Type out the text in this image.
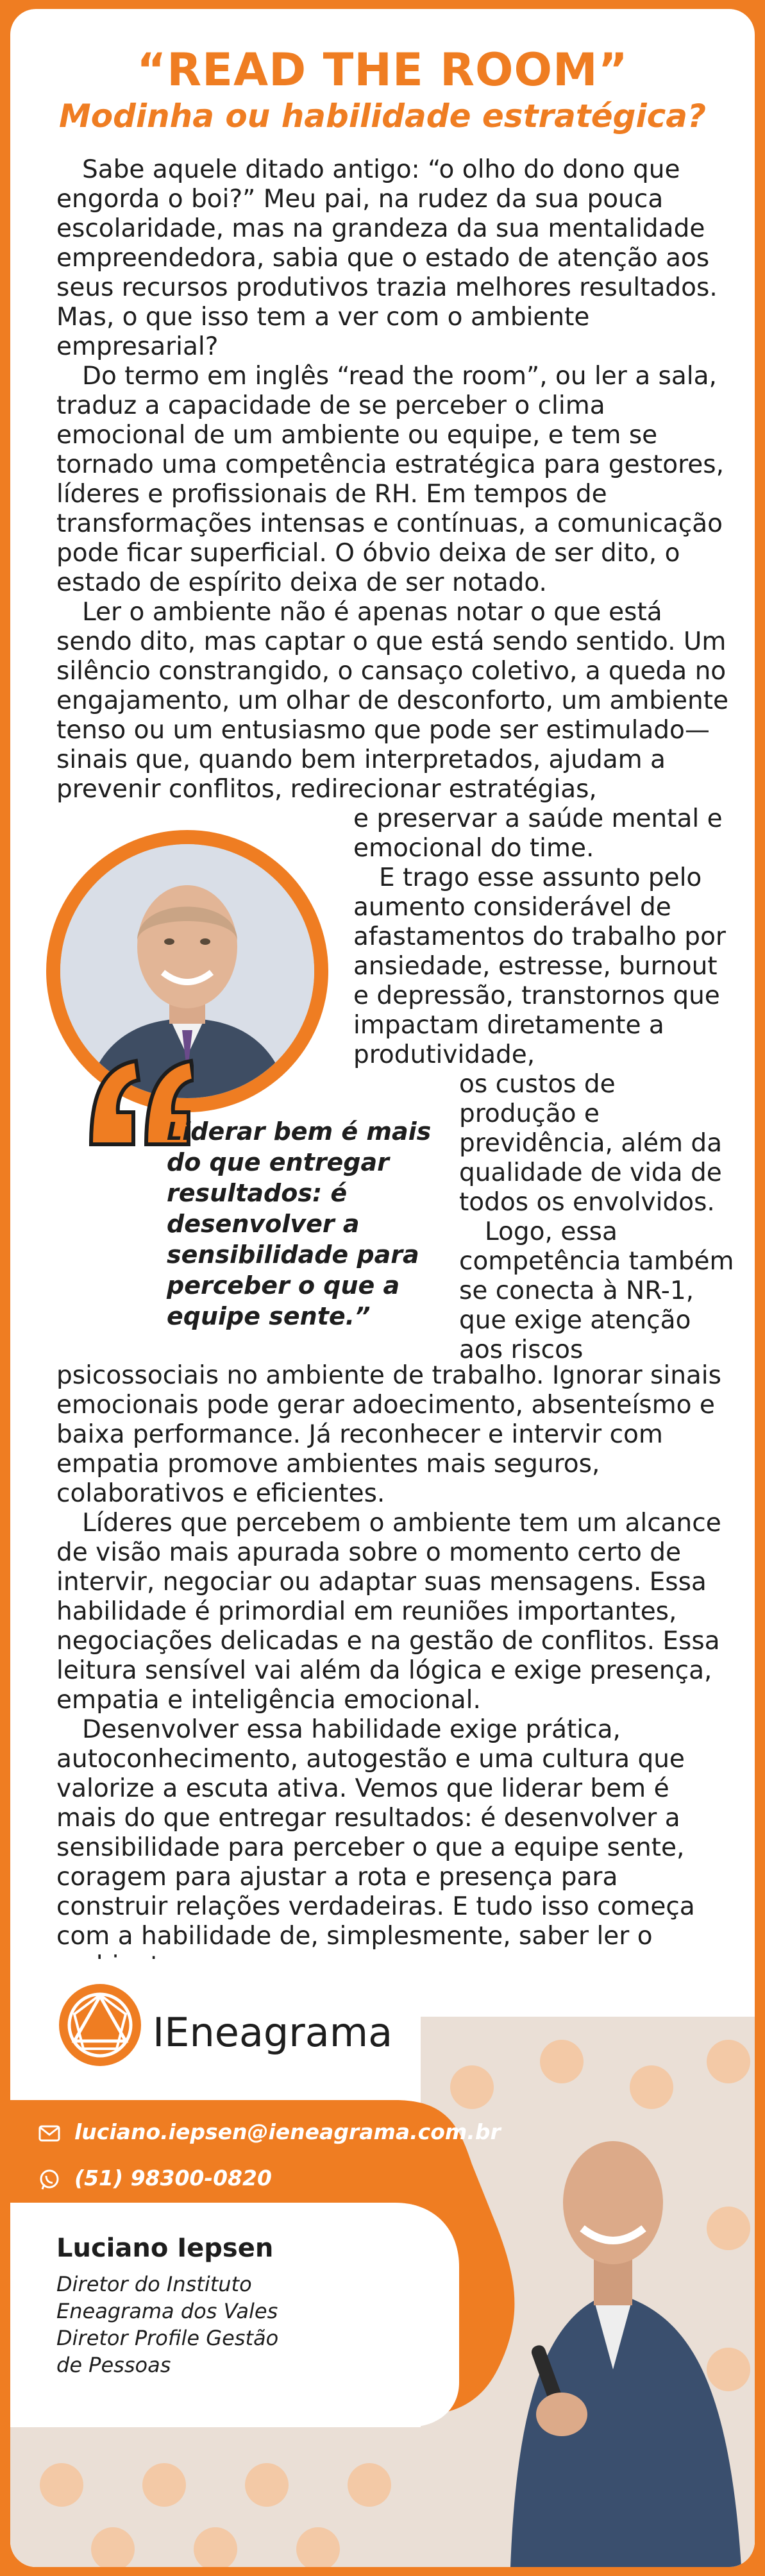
“READ THE ROOM”
Modinha ou habilidade estratégica?

Sabe aquele ditado antigo: “o olho do dono que engorda o boi?” Meu pai, na rudez da sua pouca escolaridade, mas na grandeza da sua mentalidade empreendedora, sabia que o estado de atenção aos seus recursos produtivos trazia melhores resultados. Mas, o que isso tem a ver com o ambiente empresarial?

Do termo em inglês “read the room”, ou ler a sala, traduz a capacidade de se perceber o clima emocional de um ambiente ou equipe, e tem se tornado uma competência estratégica para gestores, líderes e profissionais de RH. Em tempos de transformações intensas e contínuas, a comunicação pode ficar superficial. O óbvio deixa de ser dito, o estado de espírito deixa de ser notado.

Ler o ambiente não é apenas notar o que está sendo dito, mas captar o que está sendo sentido. Um silêncio constrangido, o cansaço coletivo, a queda no engajamento, um olhar de desconforto, um ambiente tenso ou um entusiasmo que pode ser estimulado— sinais que, quando bem interpretados, ajudam a prevenir conflitos, redirecionar estratégias,

e preservar a saúde mental e emocional do time.

E trago esse assunto pelo aumento considerável de afastamentos do trabalho por ansiedade, estresse, burnout e depressão, transtornos que impactam diretamente a produtividade,

os custos de produção e previdência, além da qualidade de vida de todos os envolvidos.

Logo, essa competência também se conecta à NR-1, que exige atenção aos riscos

Liderar bem é mais do que entregar resultados: é desenvolver a sensibilidade para perceber o que a equipe sente.”

psicossociais no ambiente de trabalho. Ignorar sinais emocionais pode gerar adoecimento, absenteísmo e baixa performance. Já reconhecer e intervir com empatia promove ambientes mais seguros, colaborativos e eficientes.

Líderes que percebem o ambiente tem um alcance de visão mais apurada sobre o momento certo de intervir, negociar ou adaptar suas mensagens. Essa habilidade é primordial em reuniões importantes, negociações delicadas e na gestão de conflitos. Essa leitura sensível vai além da lógica e exige presença, empatia e inteligência emocional.

Desenvolver essa habilidade exige prática, autoconhecimento, autogestão e uma cultura que valorize a escuta ativa. Vemos que liderar bem é mais do que entregar resultados: é desenvolver a sensibilidade para perceber o que a equipe sente, coragem para ajustar a rota e presença para construir relações verdadeiras. E tudo isso começa com a habilidade de, simplesmente, saber ler o

IEneagrama
luciano.iepsen@ieneagrama.com.br
(51) 98300-0820
Luciano Iepsen
Diretor do Instituto
Eneagrama dos Vales
Diretor Profile Gestão
de Pessoas
